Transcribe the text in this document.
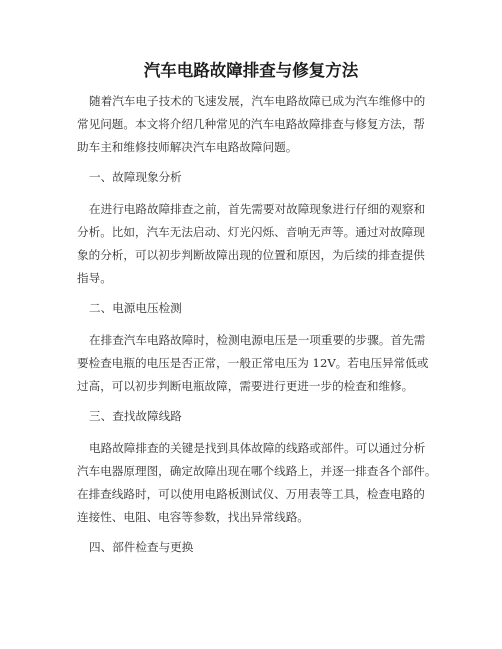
汽车电路故障排查与修复方法
随着汽车电子技术的飞速发展，汽车电路故障已成为汽车维修中的
常见问题。本文将介绍几种常见的汽车电路故障排查与修复方法，帮
助车主和维修技师解决汽车电路故障问题。
一、故障现象分析
在进行电路故障排查之前，首先需要对故障现象进行仔细的观察和
分析。比如，汽车无法启动、灯光闪烁、音响无声等。通过对故障现
象的分析，可以初步判断故障出现的位置和原因，为后续的排查提供
指导。
二、电源电压检测
在排查汽车电路故障时，检测电源电压是一项重要的步骤。首先需
要检查电瓶的电压是否正常，一般正常电压为 12V。若电压异常低或
过高，可以初步判断电瓶故障，需要进行更进一步的检查和维修。
三、查找故障线路
电路故障排查的关键是找到具体故障的线路或部件。可以通过分析
汽车电器原理图，确定故障出现在哪个线路上，并逐一排查各个部件。
在排查线路时，可以使用电路板测试仪、万用表等工具，检查电路的
连接性、电阻、电容等参数，找出异常线路。
四、部件检查与更换
